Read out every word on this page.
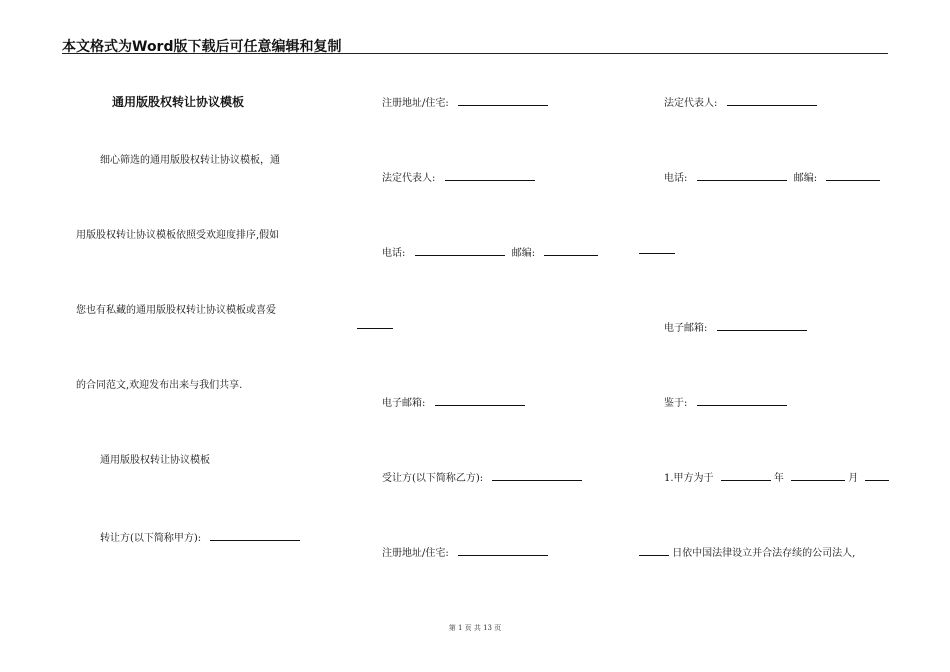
本文格式为Word版下载后可任意编辑和复制
通用版股权转让协议模板
细心筛选的通用版股权转让协议模板，通
用版股权转让协议模板依照受欢迎度排序,假如
您也有私藏的通用版股权转让协议模板或喜爱
的合同范文,欢迎发布出来与我们共享.
通用版股权转让协议模板
转让方(以下简称甲方):
注册地址/住宅:
法定代表人:
电话:	邮编:
电子邮箱:
受让方(以下简称乙方):
注册地址/住宅:
法定代表人:
电话:	邮编:
电子邮箱:
鉴于:
1.甲方为于	年	月
日依中国法律设立并合法存续的公司法人,
第 1 页 共 13 页
